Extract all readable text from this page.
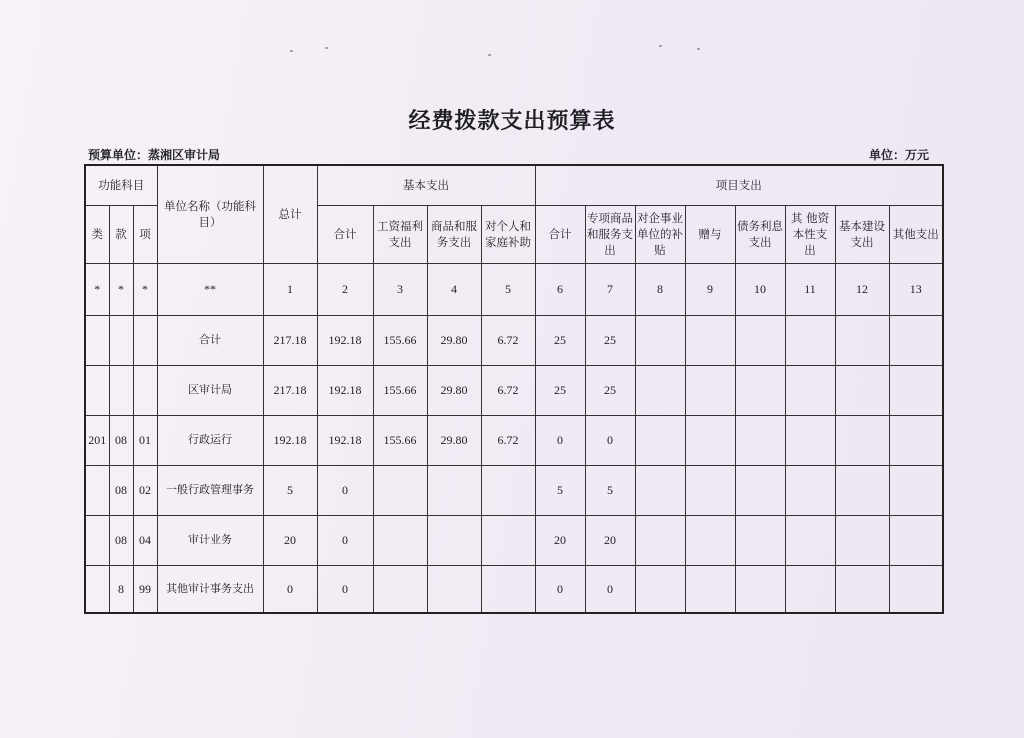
经费拨款支出预算表
预算单位：蒸湘区审计局	单位：万元
功能科目			单位名称（功能科目）	总计	基本支出				项目支出							
类	款	项			合计	工资福利支出	商品和服务支出	对个人和家庭补助	合计	专项商品和服务支出	对企事业单位的补贴	赠与	债务利息支出	其 他资本性支 出	基本建设支出	其他支出
*	*	*	**	1	2	3	4	5	6	7	8	9	10	11	12	13
			合计	217.18	192.18	155.66	29.80	6.72	25	25						
			区审计局	217.18	192.18	155.66	29.80	6.72	25	25						
201	08	01	行政运行	192.18	192.18	155.66	29.80	6.72	0	0						
	08	02	一般行政管理事务	5	0				5	5						
	08	04	审计业务	20	0				20	20						
	8	99	其他审计事务支出	0	0				0	0						
